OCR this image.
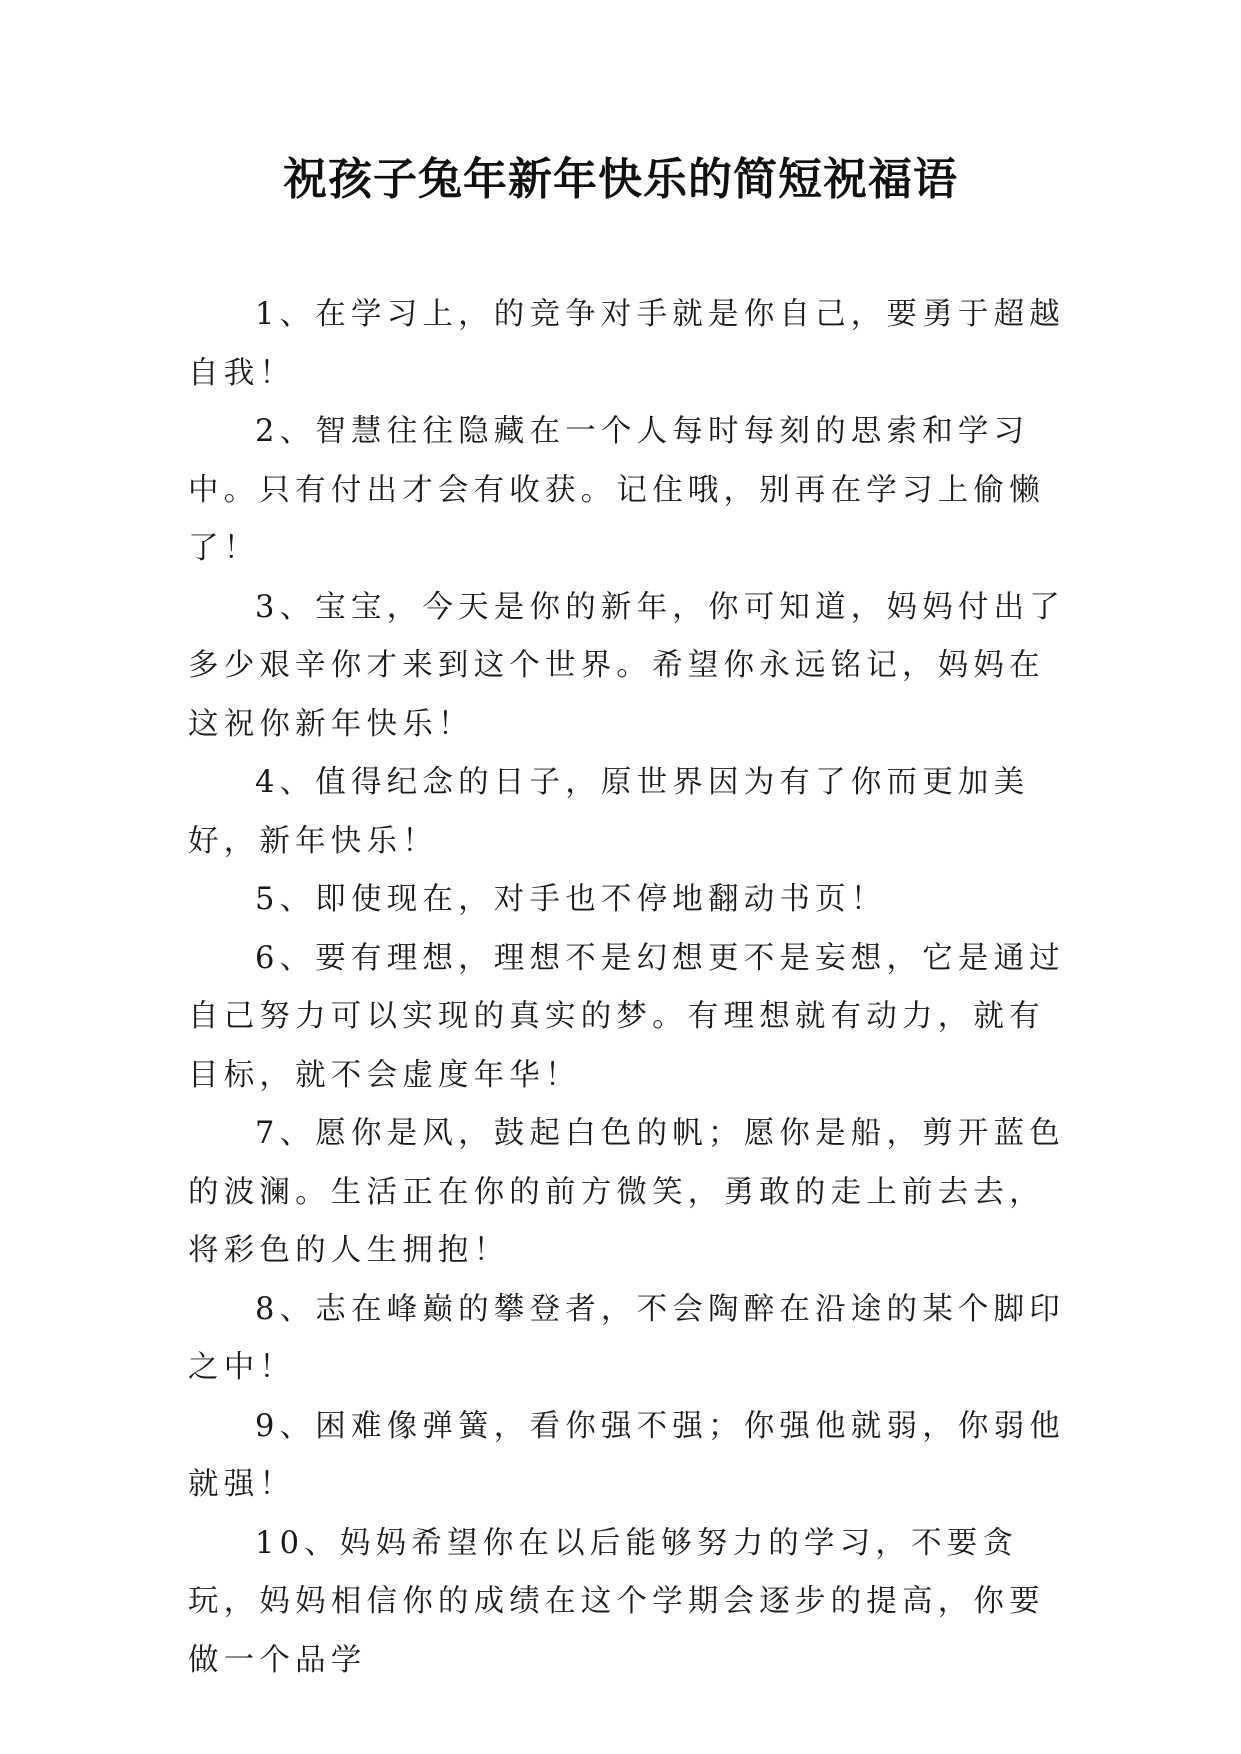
祝孩子兔年新年快乐的简短祝福语

1、在学习上，的竞争对手就是你自己，要勇于超越自我！

2、智慧往往隐藏在一个人每时每刻的思索和学习中。只有付出才会有收获。记住哦，别再在学习上偷懒了！

3、宝宝，今天是你的新年，你可知道，妈妈付出了多少艰辛你才来到这个世界。希望你永远铭记，妈妈在这祝你新年快乐！

4、值得纪念的日子，原世界因为有了你而更加美好，新年快乐！

5、即使现在，对手也不停地翻动书页！

6、要有理想，理想不是幻想更不是妄想，它是通过自己努力可以实现的真实的梦。有理想就有动力，就有目标，就不会虚度年华！

7、愿你是风，鼓起白色的帆；愿你是船，剪开蓝色的波澜。生活正在你的前方微笑，勇敢的走上前去去，将彩色的人生拥抱！

8、志在峰巅的攀登者，不会陶醉在沿途的某个脚印之中！

9、困难像弹簧，看你强不强；你强他就弱，你弱他就强！

10、妈妈希望你在以后能够努力的学习，不要贪玩，妈妈相信你的成绩在这个学期会逐步的提高，你要做一个品学
